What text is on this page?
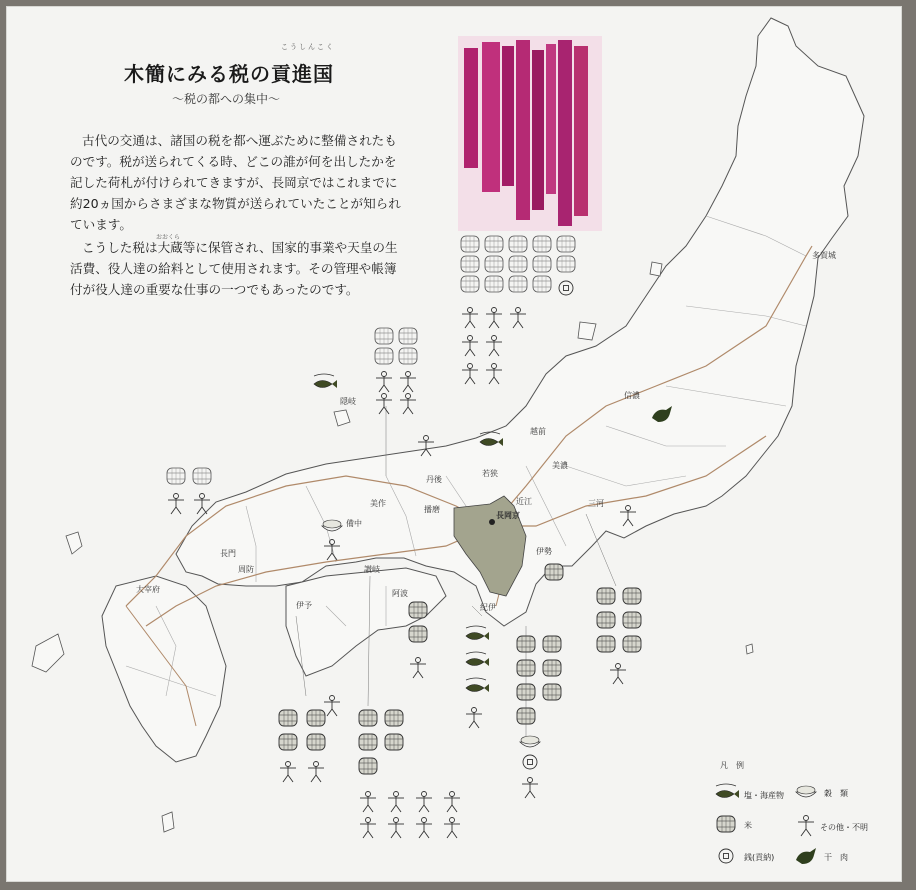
長岡京
多賀城
大宰府
信濃
越前
若狭
隠岐
丹後
播磨
美作
備中
長門
周防
伊予
讃岐
阿波
紀伊
伊勢
近江
美濃
三河
こうしんこく
木簡にみる税の貢進国
～税の都への集中～

古代の交通は、諸国の税を都へ運ぶために整備されたものです。税が送られてくる時、どこの誰が何を出したかを記した荷札が付けられてきますが、長岡京ではこれまでに約20ヵ国からさまざまな物質が送られていたことが知られています。

こうした税は大蔵等に保管され、国家的事業や天皇の生活費、役人達の給料として使用されます。その管理や帳簿付が役人達の重要な仕事の一つでもあったのです。

おおくら
凡　例
塩・海産物	穀　類
米	その他・不明
銭(貢納)	干　肉
